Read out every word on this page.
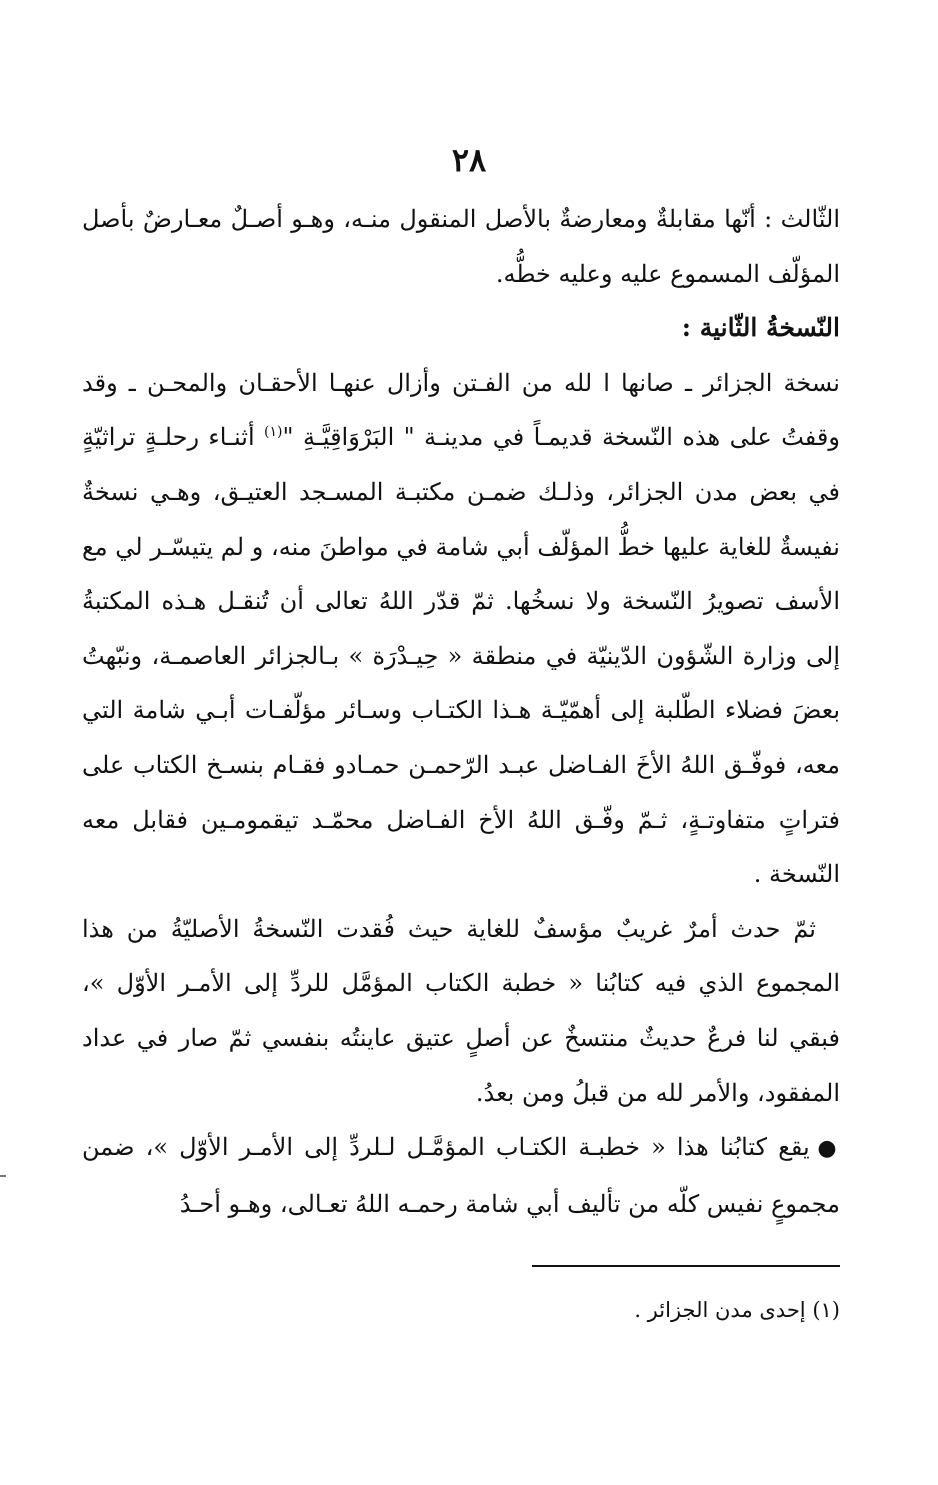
٢٨

الثّالث : أنّها مقابلةٌ ومعارضةٌ بالأصل المنقول منـه، وهـو أصـلٌ معـارضٌ بأصل المؤلّف المسموع عليه وعليه خطُّه.

النّسخةُ الثّانية :

نسخة الجزائر ـ صانها ا لله من الفـتن وأزال عنهـا الأحقـان والمحـن ـ وقد وقفتُ على هذه النّسخة قديمـاً في مدينـة " البَرْوَاقِيَّـةِ "$^{(١)}$ أثنـاء رحلـةٍ تراثيّةٍ في بعض مدن الجزائر، وذلـك ضمـن مكتبـة المسـجد العتيـق، وهـي نسخةٌ نفيسةٌ للغاية عليها خطُّ المؤلّف أبي شامة في مواطنَ منه، و لم يتيسّـر لي مع الأسف تصويرُ النّسخة ولا نسخُها. ثمّ قدّر اللهُ تعالى أن تُنقـل هـذه المكتبةُ إلى وزارة الشّؤون الدّينيّة في منطقة « حِيـدْرَة » بـالجزائر العاصمـة، ونبّهتُ بعضَ فضلاء الطّلبة إلى أهمّيّـة هـذا الكتـاب وسـائر مؤلّفـات أبـي شامة التي معه، فوفّـق اللهُ الأخَ الفـاضل عبـد الرّحمـن حمـادو فقـام بنسـخ الكتاب على فتراتٍ متفاوتـةٍ، ثـمّ وفّـق اللهُ الأخ الفـاضل محمّـد تيقمومـين فقابل معه النّسخة .

ثمّ حدث أمرٌ غريبٌ مؤسفٌ للغاية حيث فُقدت النّسخةُ الأصليّةُ من هذا المجموع الذي فيه كتابُنا « خطبة الكتاب المؤمَّل للردِّ إلى الأمـر الأوّل »، فبقي لنا فرعٌ حديثٌ منتسخٌ عن أصلٍ عتيق عاينتُه بنفسي ثمّ صار في عداد المفقود، والأمر لله من قبلُ ومن بعدُ.

● يقع كتابُنا هذا « خطبـة الكتـاب المؤمَّـل لـلردِّ إلى الأمـر الأوّل »، ضمن مجموعٍ نفيس كلّه من تأليف أبي شامة رحمـه اللهُ تعـالى، وهـو أحـدُ

(١) إحدى مدن الجزائر .
